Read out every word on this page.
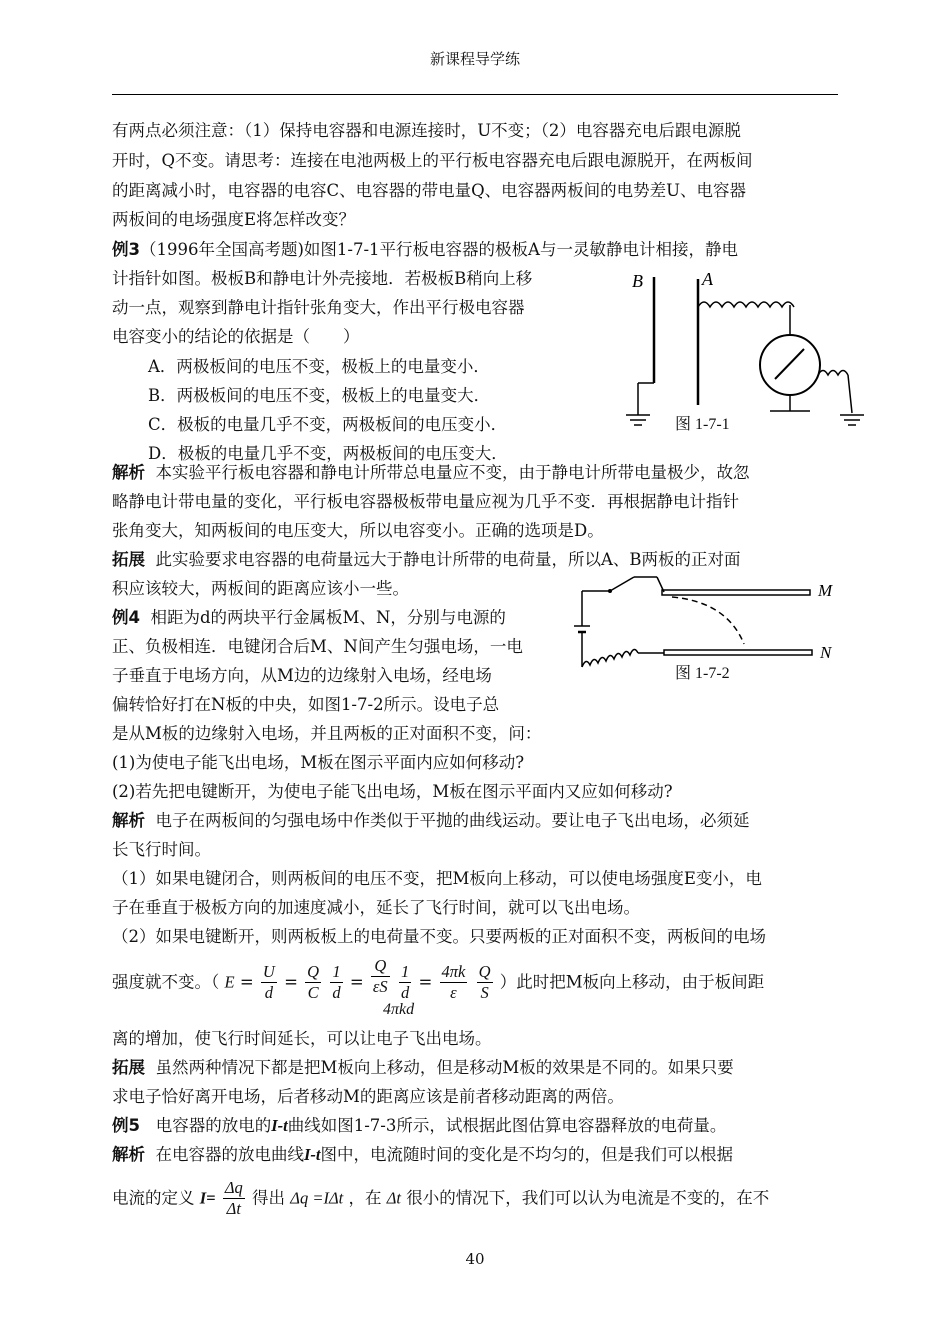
新课程导学练
有两点必须注意：（1）保持电容器和电源连接时，U不变；（2）电容器充电后跟电源脱
开时，Q不变。请思考：连接在电池两极上的平行板电容器充电后跟电源脱开，在两板间
的距离减小时，电容器的电容C、电容器的带电量Q、电容器两板间的电势差U、电容器
两板间的电场强度E将怎样改变？
例3（1996年全国高考题)如图1-7-1平行板电容器的极板A与一灵敏静电计相接，静电
计指针如图。极板B和静电计外壳接地．若极板B稍向上移
动一点，观察到静电计指针张角变大，作出平行极电容器
电容变小的结论的依据是（　　）
A．两极板间的电压不变，极板上的电量变小．
B．两极板间的电压不变，极板上的电量变大．
C．极板的电量几乎不变，两极板间的电压变小．
D．极板的电量几乎不变，两极板间的电压变大．
B	A
图 1-7-1
解析 本实验平行板电容器和静电计所带总电量应不变，由于静电计所带电量极少，故忽
略静电计带电量的变化，平行板电容器极板带电量应视为几乎不变．再根据静电计指针
张角变大，知两板间的电压变大，所以电容变小。正确的选项是D。
拓展 此实验要求电容器的电荷量远大于静电计所带的电荷量，所以A、B两板的正对面
积应该较大，两板间的距离应该小一些。
例4 相距为d的两块平行金属板M、N，分别与电源的
正、负极相连．电键闭合后M、N间产生匀强电场，一电
子垂直于电场方向，从M边的边缘射入电场，经电场
偏转恰好打在N板的中央，如图1-7-2所示。设电子总
是从M板的边缘射入电场，并且两板的正对面积不变，问：
(1)为使电子能飞出电场，M板在图示平面内应如何移动?
(2)若先把电键断开，为使电子能飞出电场，M板在图示平面内又应如何移动?
M
N
图 1-7-2
解析 电子在两板间的匀强电场中作类似于平抛的曲线运动。要让电子飞出电场，必须延
长飞行时间。
（1）如果电键闭合，则两板间的电压不变，把M板向上移动，可以使电场强度E变小，电
子在垂直于极板方向的加速度减小，延长了飞行时间，就可以飞出电场。
（2）如果电键断开，则两板板上的电荷量不变。只要两板的正对面积不变，两板间的电场
强度就不变。（ $E = \frac{U}{d} = \frac{Q}{C}$
$\frac{1}{d} = \frac{Q}{\varepsilon S}$
$\frac{1}{d} = \frac{4\pi k}{\varepsilon}$
$\frac{Q}{S}$ ）此时把M板向上移动，由于板间距
4πkd
离的增加，使飞行时间延长，可以让电子飞出电场。
拓展 虽然两种情况下都是把M板向上移动，但是移动M板的效果是不同的。如果只要
求电子恰好离开电场，后者移动M的距离应该是前者移动距离的两倍。
例5 电容器的放电的I-t曲线如图1-7-3所示，试根据此图估算电容器释放的电荷量。
解析 在电容器的放电曲线I-t图中，电流随时间的变化是不均匀的，但是我们可以根据
电流的定义 $I= \frac{\Delta q}{\Delta t}$ 得出 Δq =IΔt ，在 Δt 很小的情况下，我们可以认为电流是不变的，在不
40
